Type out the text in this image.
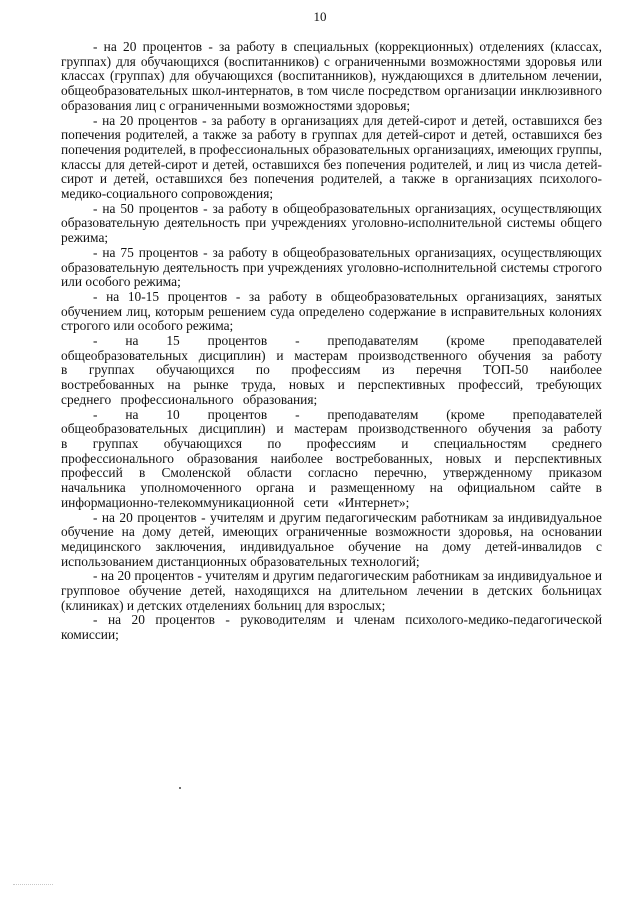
10

- на 20 процентов - за работу в специальных (коррекционных) отделениях (классах, группах) для обучающихся (воспитанников) с ограниченными возможностями здоровья или классах (группах) для обучающихся (воспитанников), нуждающихся в длительном лечении, общеобразовательных школ-интернатов, в том числе посредством организации инклюзивного образования лиц с ограниченными возможностями здоровья;

- на 20 процентов - за работу в организациях для детей-сирот и детей, оставшихся без попечения родителей, а также за работу в группах для детей-сирот и детей, оставшихся без попечения родителей, в профессиональных образовательных организациях, имеющих группы, классы для детей-сирот и детей, оставшихся без попечения родителей, и лиц из числа детей-сирот и детей, оставшихся без попечения родителей, а также в организациях психолого-медико-социального сопровождения;

- на 50 процентов - за работу в общеобразовательных организациях, осуществляющих образовательную деятельность при учреждениях уголовно-исполнительной системы общего режима;

- на 75 процентов - за работу в общеобразовательных организациях, осуществляющих образовательную деятельность при учреждениях уголовно-исполнительной системы строгого или особого режима;

- на 10-15 процентов - за работу в общеобразовательных организациях, занятых обучением лиц, которым решением суда определено содержание в исправительных колониях строгого или особого режима;

- на 15 процентов - преподавателям (кроме преподавателей общеобразовательных дисциплин) и мастерам производственного обучения за работу в группах обучающихся по профессиям из перечня ТОП-50 наиболее востребованных на рынке труда, новых и перспективных профессий, требующих среднего профессионального образования;

- на 10 процентов - преподавателям (кроме преподавателей общеобразовательных дисциплин) и мастерам производственного обучения за работу в группах обучающихся по профессиям и специальностям среднего профессионального образования наиболее востребованных, новых и перспективных профессий в Смоленской области согласно перечню, утвержденному приказом начальника уполномоченного органа и размещенному на официальном сайте в информационно-телекоммуникационной сети «Интернет»;

- на 20 процентов - учителям и другим педагогическим работникам за индивидуальное обучение на дому детей, имеющих ограниченные возможности здоровья, на основании медицинского заключения, индивидуальное обучение на дому детей-инвалидов с использованием дистанционных образовательных технологий;

- на 20 процентов - учителям и другим педагогическим работникам за индивидуальное и групповое обучение детей, находящихся на длительном лечении в детских больницах (клиниках) и детских отделениях больниц для взрослых;

- на 20 процентов - руководителям и членам психолого-медико-педагогической комиссии;
